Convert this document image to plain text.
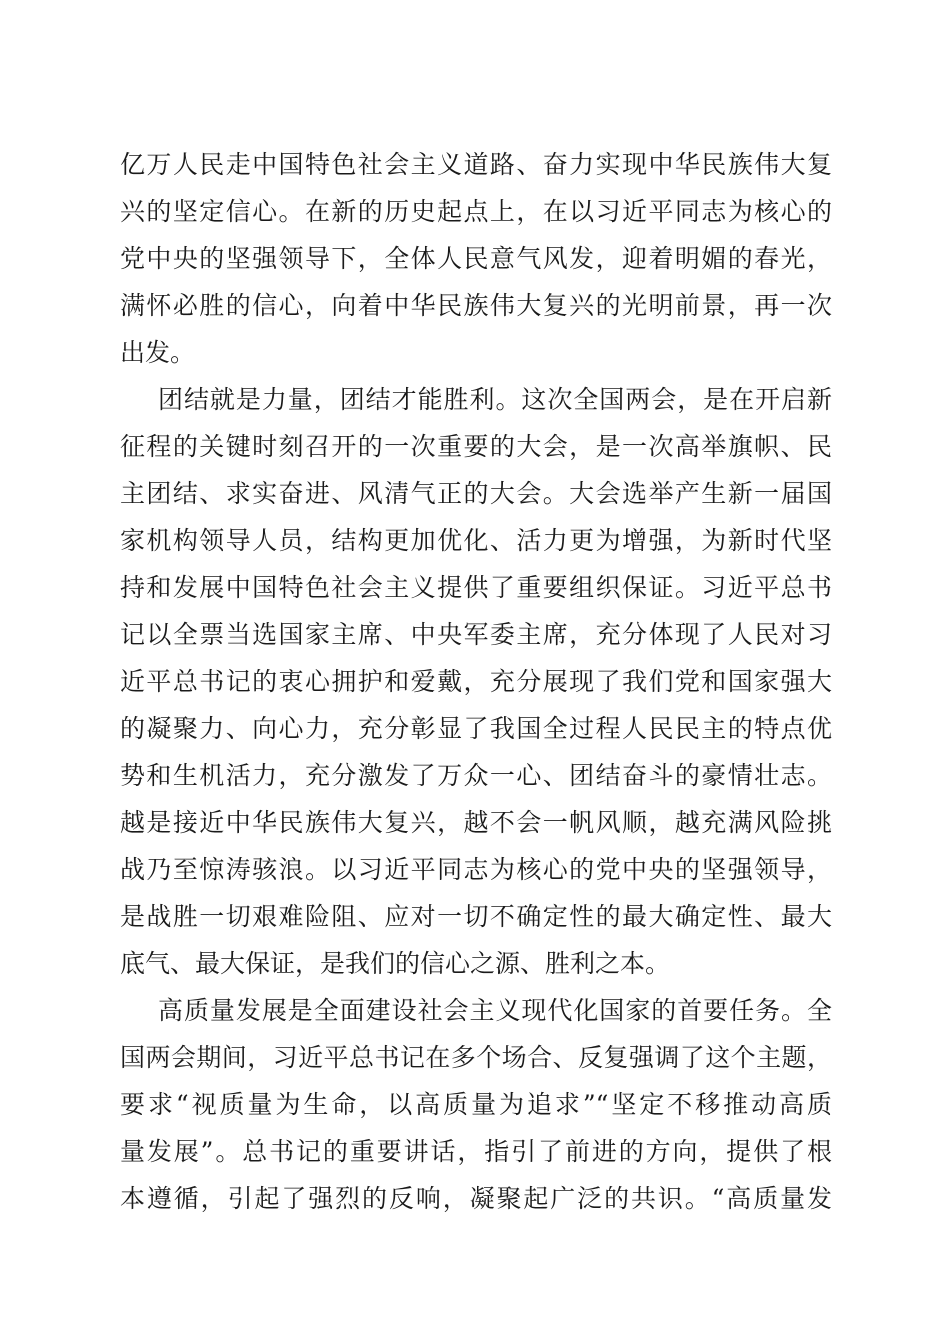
亿万人民走中国特色社会主义道路、奋力实现中华民族伟大复
兴的坚定信心。在新的历史起点上，在以习近平同志为核心的
党中央的坚强领导下，全体人民意气风发，迎着明媚的春光，
满怀必胜的信心，向着中华民族伟大复兴的光明前景，再一次
出发。
团结就是力量，团结才能胜利。这次全国两会，是在开启新
征程的关键时刻召开的一次重要的大会，是一次高举旗帜、民
主团结、求实奋进、风清气正的大会。大会选举产生新一届国
家机构领导人员，结构更加优化、活力更为增强，为新时代坚
持和发展中国特色社会主义提供了重要组织保证。习近平总书
记以全票当选国家主席、中央军委主席，充分体现了人民对习
近平总书记的衷心拥护和爱戴，充分展现了我们党和国家强大
的凝聚力、向心力，充分彰显了我国全过程人民民主的特点优
势和生机活力，充分激发了万众一心、团结奋斗的豪情壮志。
越是接近中华民族伟大复兴，越不会一帆风顺，越充满风险挑
战乃至惊涛骇浪。以习近平同志为核心的党中央的坚强领导，
是战胜一切艰难险阻、应对一切不确定性的最大确定性、最大
底气、最大保证，是我们的信心之源、胜利之本。
高质量发展是全面建设社会主义现代化国家的首要任务。全
国两会期间，习近平总书记在多个场合、反复强调了这个主题，
要求“视质量为生命，以高质量为追求”“坚定不移推动高质
量发展”。总书记的重要讲话，指引了前进的方向，提供了根
本遵循，引起了强烈的反响，凝聚起广泛的共识。“高质量发
